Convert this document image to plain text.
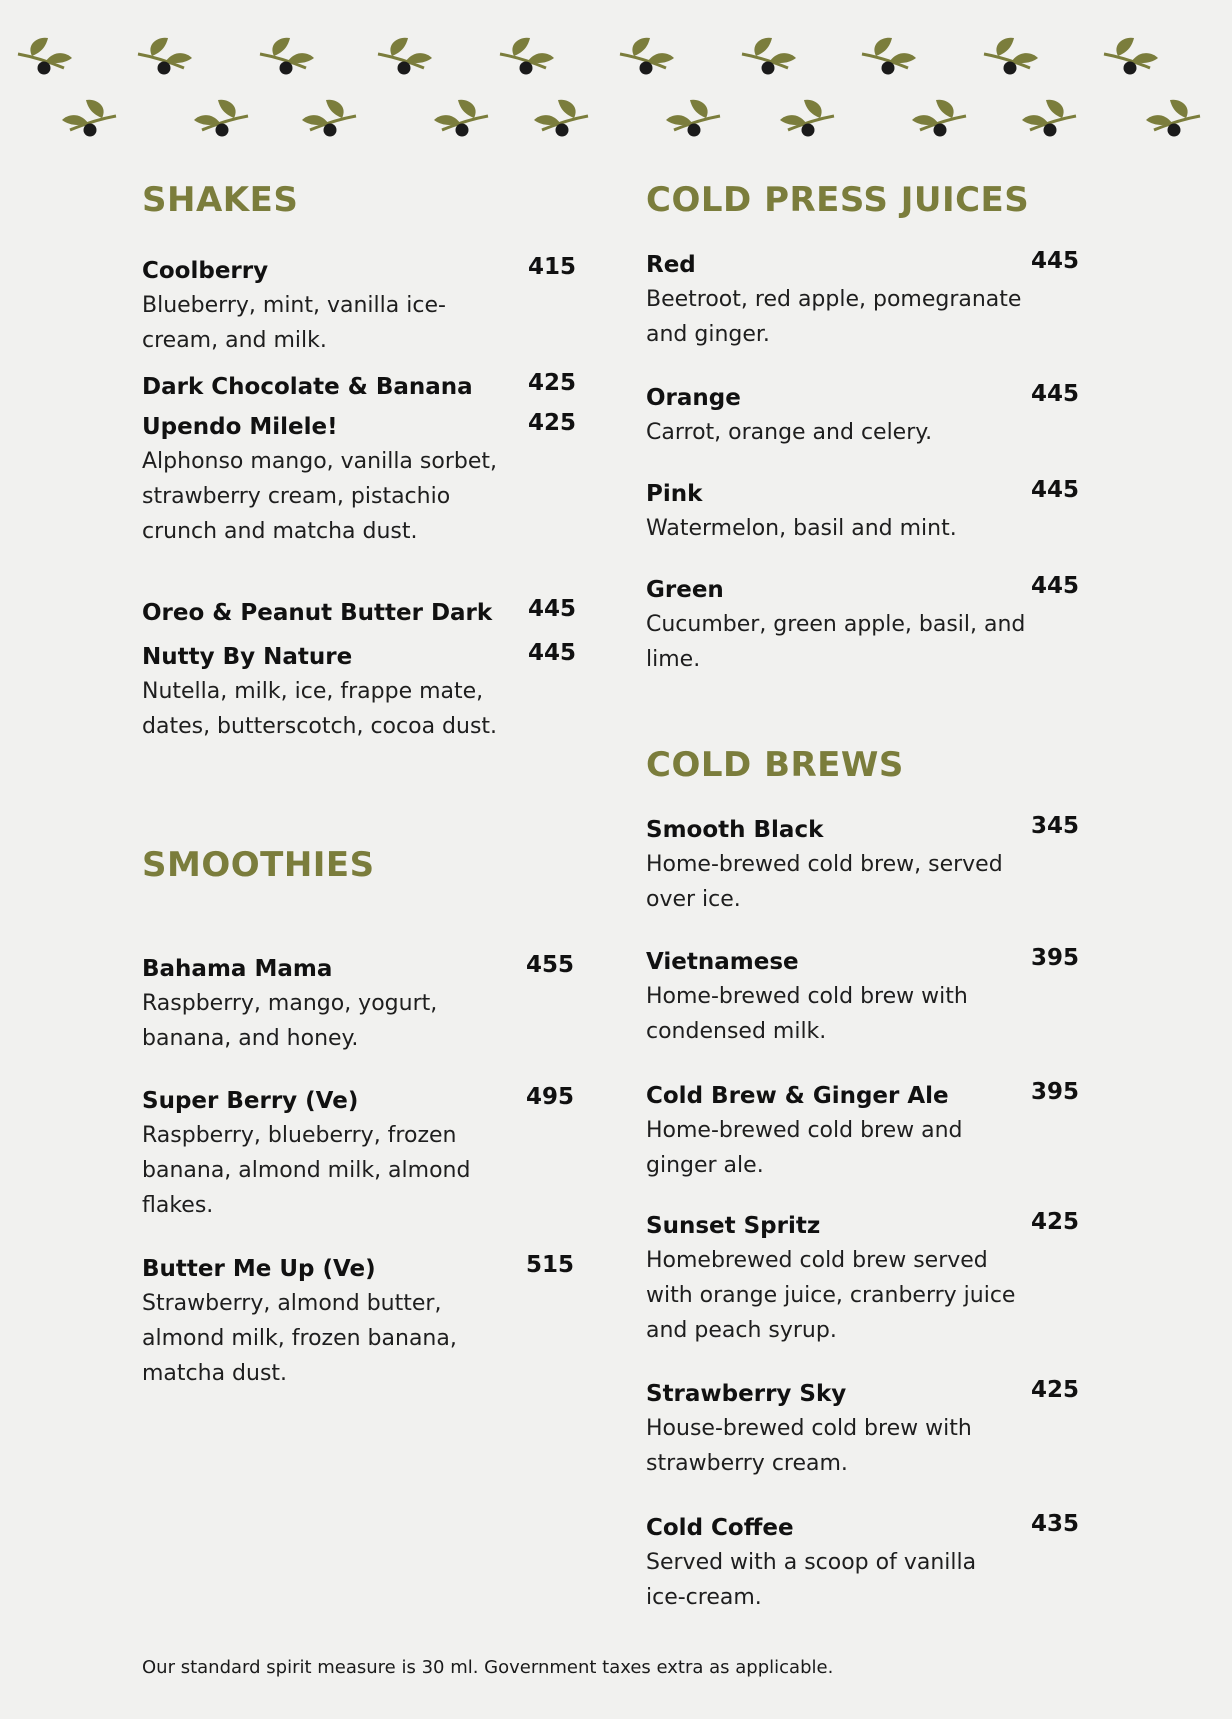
SHAKES
Coolberry	415
Blueberry, mint, vanilla ice-cream, and milk.
Dark Chocolate & Banana	425
Upendo Milele!	425
Alphonso mango, vanilla sorbet, strawberry cream, pistachio crunch and matcha dust.
Oreo & Peanut Butter Dark	445
Nutty By Nature	445
Nutella, milk, ice, frappe mate, dates, butterscotch, cocoa dust.
SMOOTHIES
Bahama Mama	455
Raspberry, mango, yogurt, banana, and honey.
Super Berry (Ve)	495
Raspberry, blueberry, frozen banana, almond milk, almond flakes.
Butter Me Up (Ve)	515
Strawberry, almond butter, almond milk, frozen banana, matcha dust.
COLD PRESS JUICES
Red	445
Beetroot, red apple, pomegranate and ginger.
Orange	445
Carrot, orange and celery.
Pink	445
Watermelon, basil and mint.
Green	445
Cucumber, green apple, basil, and lime.
COLD BREWS
Smooth Black	345
Home-brewed cold brew, served over ice.
Vietnamese	395
Home-brewed cold brew with condensed milk.
Cold Brew & Ginger Ale	395
Home-brewed cold brew and ginger ale.
Sunset Spritz	425
Homebrewed cold brew served with orange juice, cranberry juice and peach syrup.
Strawberry Sky	425
House-brewed cold brew with strawberry cream.
Cold Coffee	435
Served with a scoop of vanilla ice-cream.
Our standard spirit measure is 30 ml. Government taxes extra as applicable.
